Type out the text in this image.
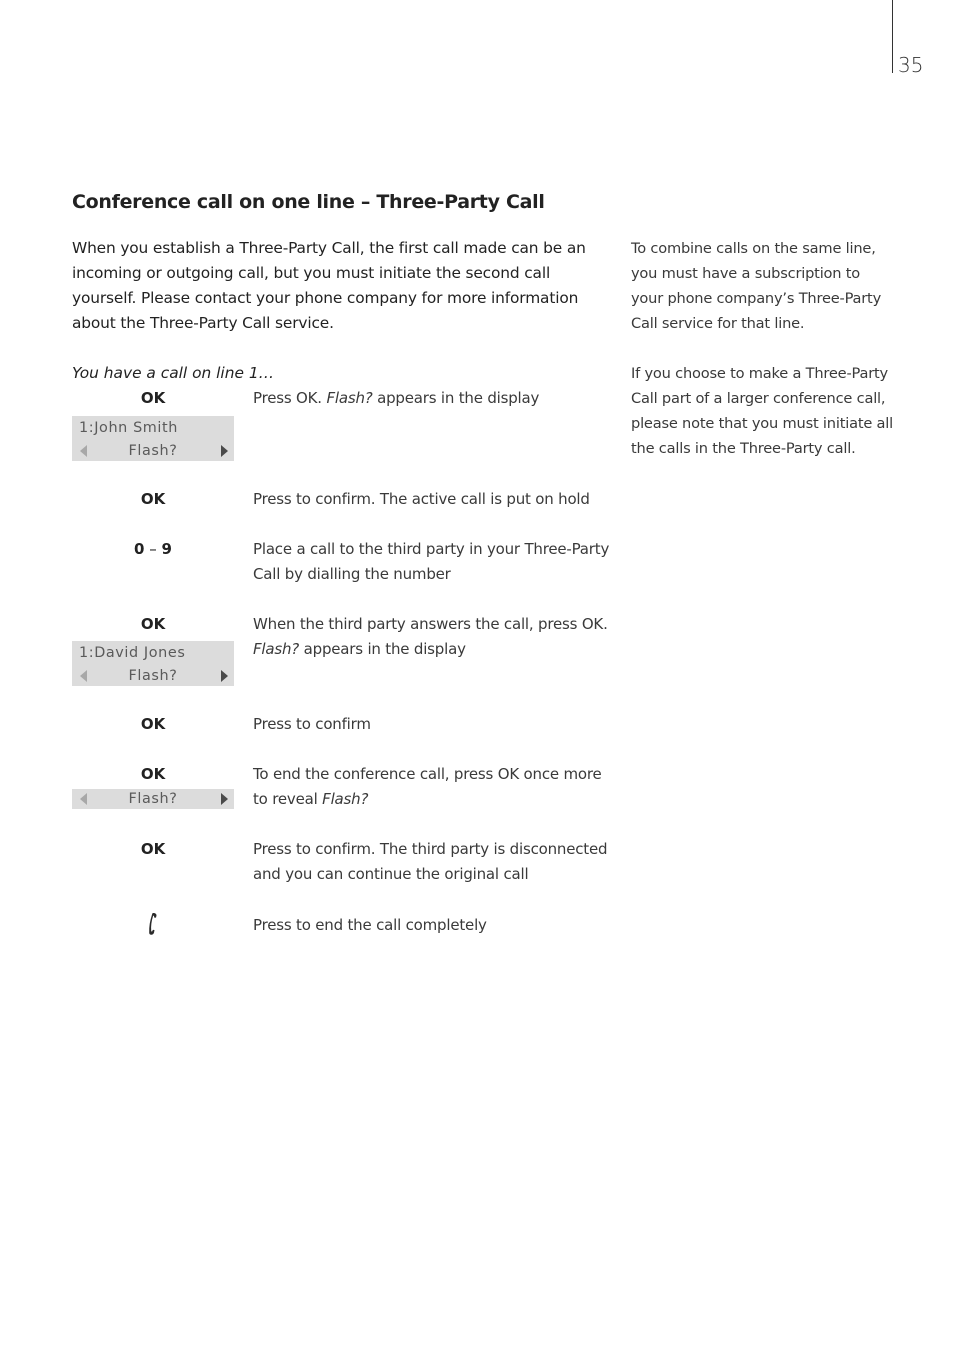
35
Conference call on one line – Three-Party Call

When you establish a Three-Party Call, the first call made can be an incoming or outgoing call, but you must initiate the second call yourself. Please contact your phone company for more information about the Three-Party Call service.

To combine calls on the same line, you must have a subscription to your phone company’s Three-Party Call service for that line.

If you choose to make a Three-Party Call part of a larger conference call, please note that you must initiate all the calls in the Three-Party call.

You have a call on line 1…

OK	Press OK. Flash? appears in the display

1:John Smith
Flash?
OK	Press to confirm. The active call is put on hold

0 – 9	Place a call to the third party in your Three-Party Call by dialling the number

OK	When the third party answers the call, press OK.
Flash? appears in the display

1:David Jones
Flash?
OK	Press to confirm

OK	To end the conference call, press OK once more to reveal Flash?

Flash?
OK	Press to confirm. The third party is disconnected and you can continue the original call

Press to end the call completely
